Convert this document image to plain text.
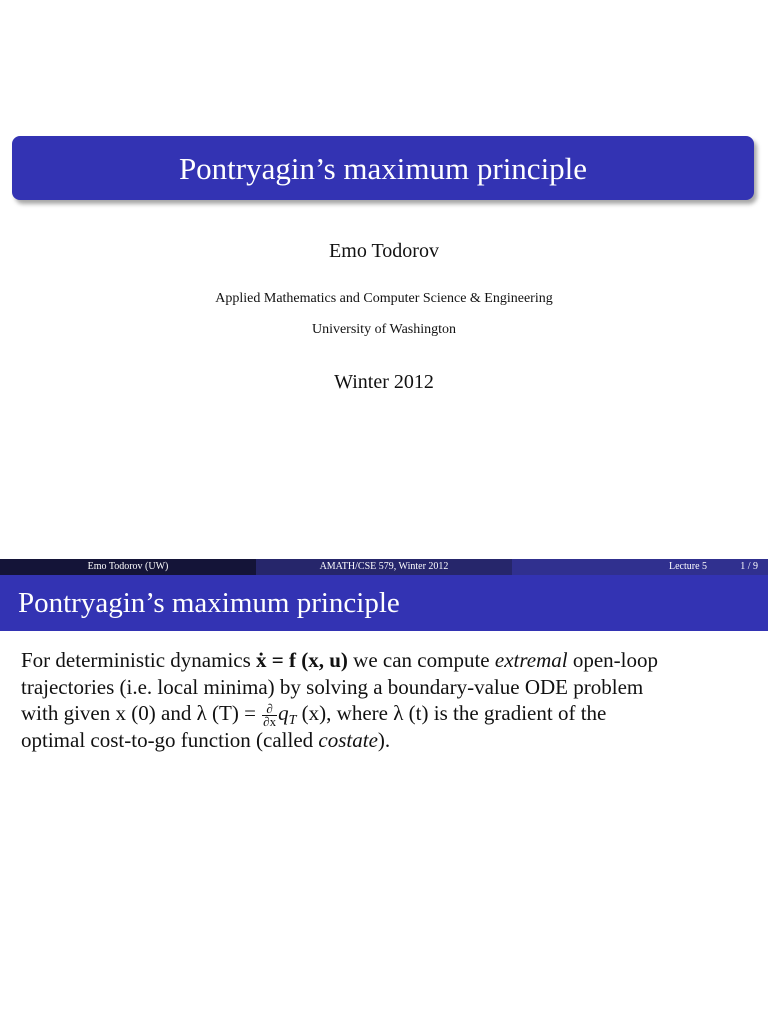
Pontryagin’s maximum principle
Emo Todorov
Applied Mathematics and Computer Science & Engineering
University of Washington
Winter 2012
Emo Todorov (UW)	AMATH/CSE 579, Winter 2012	Lecture 5	1 / 9
Pontryagin’s maximum principle
For deterministic dynamics ẋ = f (x, u) we can compute extremal open-loop
trajectories (i.e. local minima) by solving a boundary-value ODE problem
with given x (0) and λ $(T) = \frac{\partial}{\partial x} q_T$ (x), where λ (t) is the gradient of the
optimal cost-to-go function (called costate).
